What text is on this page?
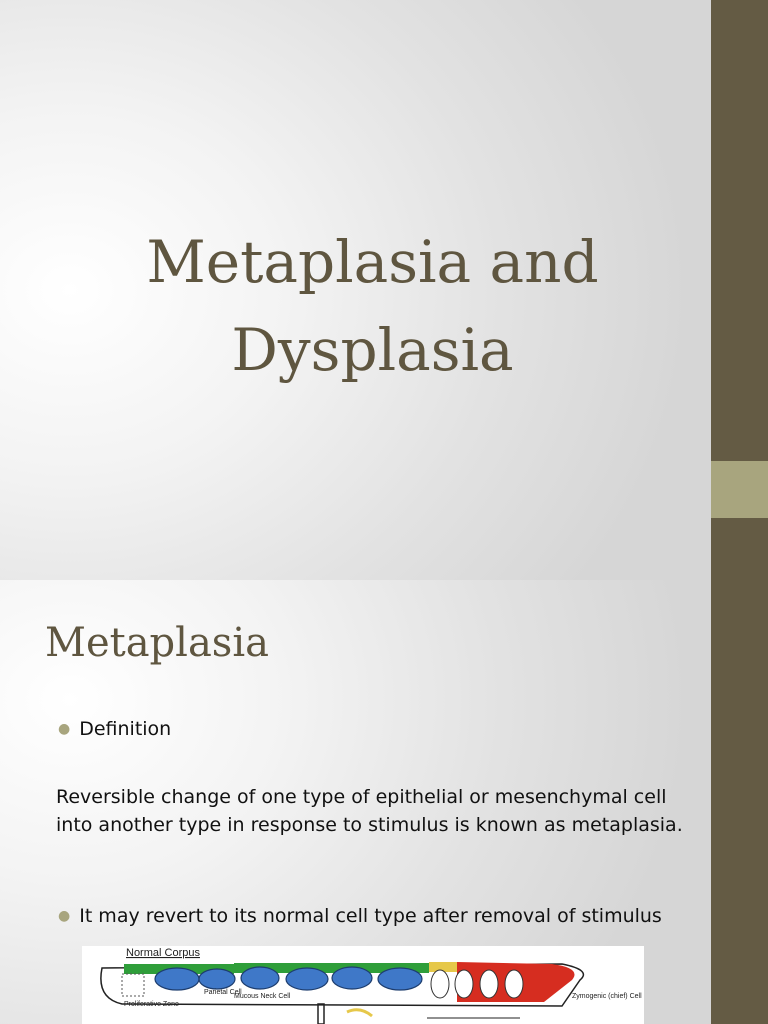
Metaplasia and
Dysplasia
Metaplasia

● Definition

Reversible change of one type of epithelial or mesenchymal cell into another type in response to stimulus is known as metaplasia.

● It may revert to its normal cell type after removal of stimulus

Normal Corpus
Proliferative Zone
Parietal Cell
Mucous Neck Cell	Zymogenic (chief) Cell
